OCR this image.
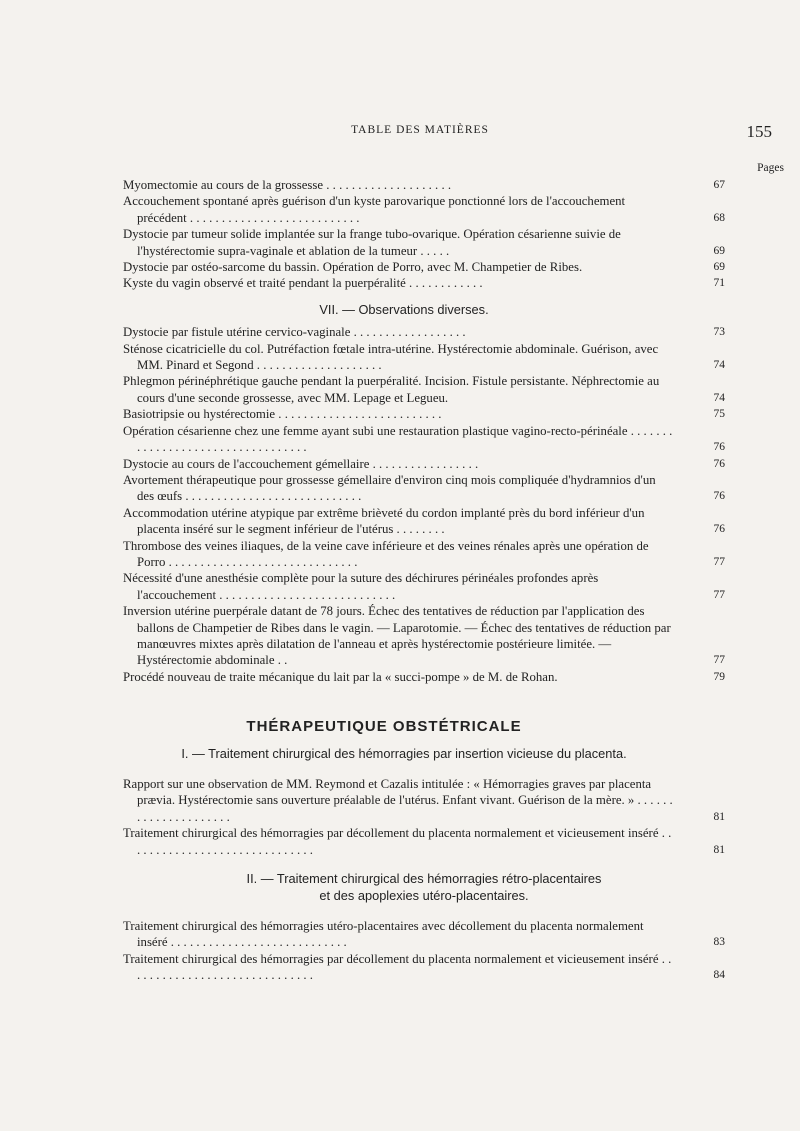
TABLE DES MATIÈRES	155
Pages
Myomectomie au cours de la grossesse . . . . . . . . . . . . . . . . . . . .	67
Accouchement spontané après guérison d'un kyste parovarique ponctionné lors de l'accouchement précédent . . . . . . . . . . . . . . . . . . . . . . . . . . .	68
Dystocie par tumeur solide implantée sur la frange tubo-ovarique. Opération césarienne suivie de l'hystérectomie supra-vaginale et ablation de la tumeur . . . . .	69
Dystocie par ostéo-sarcome du bassin. Opération de Porro, avec M. Champetier de Ribes.	69
Kyste du vagin observé et traité pendant la puerpéralité . . . . . . . . . . . .	71
VII. — Observations diverses.
Dystocie par fistule utérine cervico-vaginale . . . . . . . . . . . . . . . . . .	73
Sténose cicatricielle du col. Putréfaction fœtale intra-utérine. Hystérectomie abdominale. Guérison, avec MM. Pinard et Segond . . . . . . . . . . . . . . . . . . . .	74
Phlegmon périnéphrétique gauche pendant la puerpéralité. Incision. Fistule persistante. Néphrectomie au cours d'une seconde grossesse, avec MM. Lepage et Legueu.	74
Basiotripsie ou hystérectomie . . . . . . . . . . . . . . . . . . . . . . . . . .	75
Opération césarienne chez une femme ayant subi une restauration plastique vagino-recto-périnéale . . . . . . . . . . . . . . . . . . . . . . . . . . . . . . . . . .	76
Dystocie au cours de l'accouchement gémellaire . . . . . . . . . . . . . . . . .	76
Avortement thérapeutique pour grossesse gémellaire d'environ cinq mois compliquée d'hydramnios d'un des œufs . . . . . . . . . . . . . . . . . . . . . . . . . . . .	76
Accommodation utérine atypique par extrême brièveté du cordon implanté près du bord inférieur d'un placenta inséré sur le segment inférieur de l'utérus . . . . . . . .	76
Thrombose des veines iliaques, de la veine cave inférieure et des veines rénales après une opération de Porro . . . . . . . . . . . . . . . . . . . . . . . . . . . . . .	77
Nécessité d'une anesthésie complète pour la suture des déchirures périnéales profondes après l'accouchement . . . . . . . . . . . . . . . . . . . . . . . . . . . .	77
Inversion utérine puerpérale datant de 78 jours. Échec des tentatives de réduction par l'application des ballons de Champetier de Ribes dans le vagin. — Laparotomie. — Échec des tentatives de réduction par manœuvres mixtes après dilatation de l'anneau et après hystérectomie postérieure limitée. — Hystérectomie abdominale . .	77
Procédé nouveau de traite mécanique du lait par la « succi-pompe » de M. de Rohan.	79
THÉRAPEUTIQUE OBSTÉTRICALE
I. — Traitement chirurgical des hémorragies par insertion vicieuse du placenta.
Rapport sur une observation de MM. Reymond et Cazalis intitulée : « Hémorragies graves par placenta prævia. Hystérectomie sans ouverture préalable de l'utérus. Enfant vivant. Guérison de la mère. » . . . . . . . . . . . . . . . . . . . . .	81
Traitement chirurgical des hémorragies par décollement du placenta normalement et vicieusement inséré . . . . . . . . . . . . . . . . . . . . . . . . . . . . . .	81
II. — Traitement chirurgical des hémorragies rétro-placentaires
et des apoplexies utéro-placentaires.
Traitement chirurgical des hémorragies utéro-placentaires avec décollement du placenta normalement inséré . . . . . . . . . . . . . . . . . . . . . . . . . . . .	83
Traitement chirurgical des hémorragies par décollement du placenta normalement et vicieusement inséré . . . . . . . . . . . . . . . . . . . . . . . . . . . . . .	84
